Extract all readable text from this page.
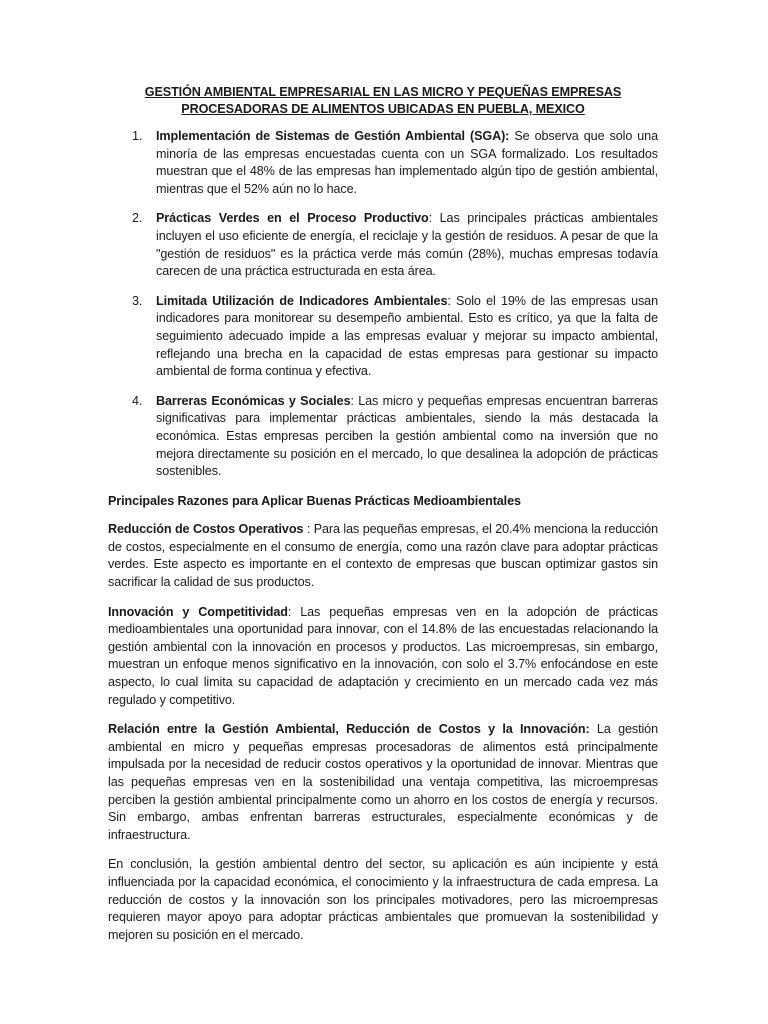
GESTIÓN AMBIENTAL EMPRESARIAL EN LAS MICRO Y PEQUEÑAS EMPRESAS PROCESADORAS DE ALIMENTOS UBICADAS EN PUEBLA, MEXICO
1. Implementación de Sistemas de Gestión Ambiental (SGA): Se observa que solo una minoría de las empresas encuestadas cuenta con un SGA formalizado. Los resultados muestran que el 48% de las empresas han implementado algún tipo de gestión ambiental, mientras que el 52% aún no lo hace.
2. Prácticas Verdes en el Proceso Productivo: Las principales prácticas ambientales incluyen el uso eficiente de energía, el reciclaje y la gestión de residuos. A pesar de que la "gestión de residuos" es la práctica verde más común (28%), muchas empresas todavía carecen de una práctica estructurada en esta área.
3. Limitada Utilización de Indicadores Ambientales: Solo el 19% de las empresas usan indicadores para monitorear su desempeño ambiental. Esto es crítico, ya que la falta de seguimiento adecuado impide a las empresas evaluar y mejorar su impacto ambiental, reflejando una brecha en la capacidad de estas empresas para gestionar su impacto ambiental de forma continua y efectiva.
4. Barreras Económicas y Sociales: Las micro y pequeñas empresas encuentran barreras significativas para implementar prácticas ambientales, siendo la más destacada la económica. Estas empresas perciben la gestión ambiental como na inversión que no mejora directamente su posición en el mercado, lo que desalinea la adopción de prácticas sostenibles.
Principales Razones para Aplicar Buenas Prácticas Medioambientales

Reducción de Costos Operativos : Para las pequeñas empresas, el 20.4% menciona la reducción de costos, especialmente en el consumo de energía, como una razón clave para adoptar prácticas verdes. Este aspecto es importante en el contexto de empresas que buscan optimizar gastos sin sacrificar la calidad de sus productos.

Innovación y Competitividad: Las pequeñas empresas ven en la adopción de prácticas medioambientales una oportunidad para innovar, con el 14.8% de las encuestadas relacionando la gestión ambiental con la innovación en procesos y productos. Las microempresas, sin embargo, muestran un enfoque menos significativo en la innovación, con solo el 3.7% enfocándose en este aspecto, lo cual limita su capacidad de adaptación y crecimiento en un mercado cada vez más regulado y competitivo.

Relación entre la Gestión Ambiental, Reducción de Costos y la Innovación: La gestión ambiental en micro y pequeñas empresas procesadoras de alimentos está principalmente impulsada por la necesidad de reducir costos operativos y la oportunidad de innovar. Mientras que las pequeñas empresas ven en la sostenibilidad una ventaja competitiva, las microempresas perciben la gestión ambiental principalmente como un ahorro en los costos de energía y recursos. Sin embargo, ambas enfrentan barreras estructurales, especialmente económicas y de infraestructura.

En conclusión, la gestión ambiental dentro del sector, su aplicación es aún incipiente y está influenciada por la capacidad económica, el conocimiento y la infraestructura de cada empresa. La reducción de costos y la innovación son los principales motivadores, pero las microempresas requieren mayor apoyo para adoptar prácticas ambientales que promuevan la sostenibilidad y mejoren su posición en el mercado.
